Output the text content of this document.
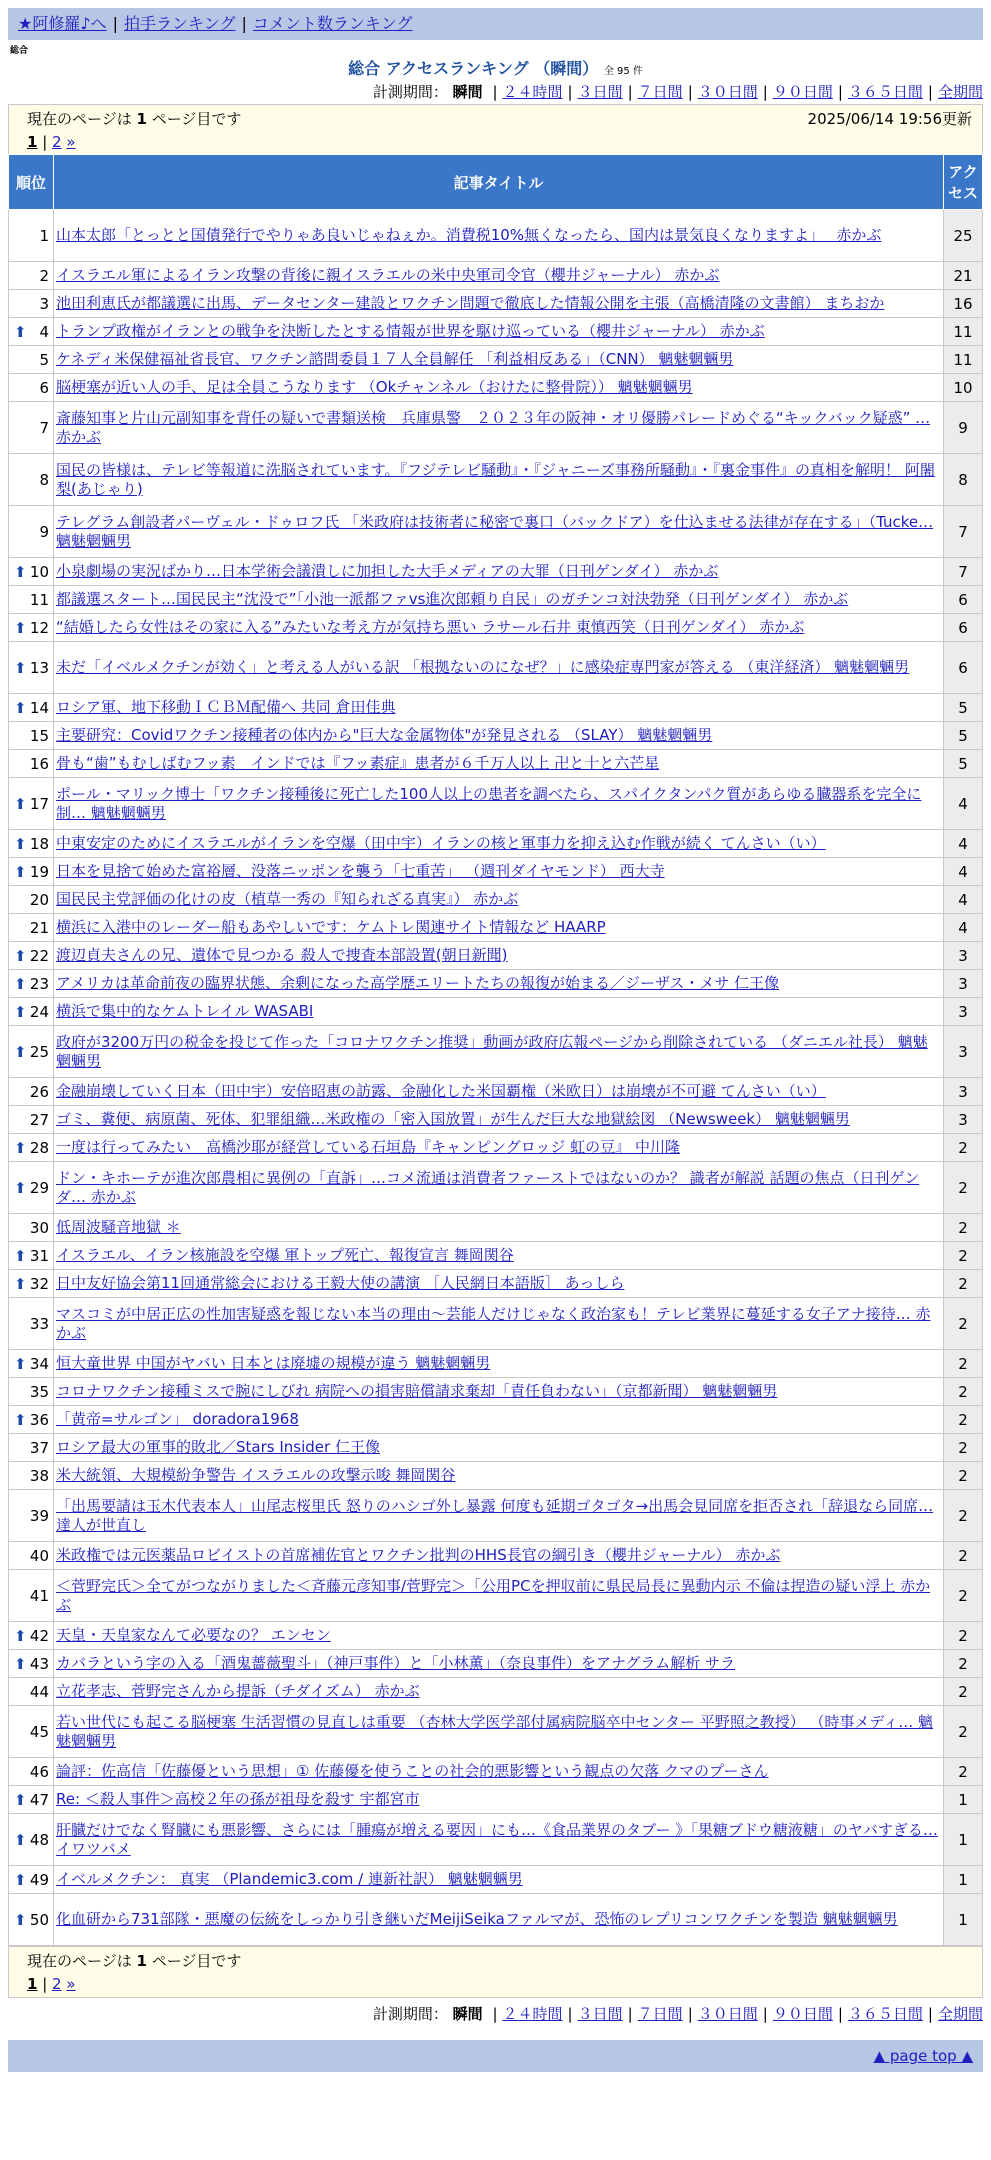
★阿修羅♪へ | 拍手ランキング | コメント数ランキング
総合
総合 アクセスランキング （瞬間） 全 95 件
計測期間： 瞬間 | ２４時間 | ３日間 | ７日間 | ３０日間 | ９０日間 | ３６５日間 | 全期間
現在のページは 1 ページ目です	2025/06/14 19:56更新
1 | 2 »
順位	記事タイトル	アクセス
1	山本太郎「とっとと国債発行でやりゃあ良いじゃねぇか。消費税10%無くなったら、国内は景気良くなりますよ」　 赤かぶ	25
2	イスラエル軍によるイラン攻撃の背後に親イスラエルの米中央軍司令官（櫻井ジャーナル） 赤かぶ	21
3	池田利恵氏が都議選に出馬、データセンター建設とワクチン問題で徹底した情報公開を主張（高橋清隆の文書館） まちおか	16

⬆ 4	トランプ政権がイランとの戦争を決断したとする情報が世界を駆け巡っている（櫻井ジャーナル） 赤かぶ	11
5	ケネディ米保健福祉省長官、ワクチン諮問委員１７人全員解任 「利益相反ある」（CNN） 魑魅魍魎男	11
6	脳梗塞が近い人の手、足は全員こうなります （Okチャンネル（おけたに整骨院）） 魑魅魍魎男	10
7	斎藤知事と片山元副知事を背任の疑いで書類送検　兵庫県警　２０２３年の阪神・オリ優勝パレードめぐる“キックバック疑惑” … 赤かぶ	9
8	国民の皆様は、テレビ等報道に洗脳されています。『フジテレビ騒動』・『ジャニーズ事務所騒動』・『裏金事件』の真相を解明！ 阿闍梨(あじゃり)	8
9	テレグラム創設者パーヴェル・ドゥロフ氏 「米政府は技術者に秘密で裏口（バックドア）を仕込ませる法律が存在する」（Tucke… 魑魅魍魎男	7

⬆ 10	小泉劇場の実況ばかり…日本学術会議潰しに加担した大手メディアの大罪（日刊ゲンダイ） 赤かぶ	7
11	都議選スタート…国民民主“沈没で”「小池一派都ファvs進次郎頼り自民」のガチンコ対決勃発（日刊ゲンダイ） 赤かぶ	6

⬆ 12	“結婚したら女性はその家に入る”みたいな考え方が気持ち悪い ラサール石井 東慎西笑（日刊ゲンダイ） 赤かぶ	6

⬆ 13	未だ「イベルメクチンが効く」と考える人がいる訳 「根拠ないのになぜ？」に感染症専門家が答える （東洋経済） 魑魅魍魎男	6

⬆ 14	ロシア軍、地下移動ＩＣＢＭ配備へ 共同 倉田佳典	5
15	主要研究：Covidワクチン接種者の体内から"巨大な金属物体"が発見される （SLAY） 魑魅魍魎男	5
16	骨も“歯”もむしばむフッ素　インドでは『フッ素症』患者が６千万人以上 卍と十と六芒星	5

⬆ 17	ポール・マリック博士「ワクチン接種後に死亡した100人以上の患者を調べたら、スパイクタンパク質があらゆる臓器系を完全に制… 魑魅魍魎男	4

⬆ 18	中東安定のためにイスラエルがイランを空爆（田中宇）イランの核と軍事力を抑え込む作戦が続く てんさい（い）	4

⬆ 19	日本を見捨て始めた富裕層、没落ニッポンを襲う「七重苦」 （週刊ダイヤモンド） 西大寺	4
20	国民民主党評価の化けの皮（植草一秀の『知られざる真実』） 赤かぶ	4
21	横浜に入港中のレーダー船もあやしいです：ケムトレ関連サイト情報など HAARP	4

⬆ 22	渡辺貞夫さんの兄、遺体で見つかる 殺人で捜査本部設置(朝日新聞)	3

⬆ 23	アメリカは革命前夜の臨界状態、余剰になった高学歴エリートたちの報復が始まる／ジーザス・メサ 仁王像	3

⬆ 24	横浜で集中的なケムトレイル WASABI	3

⬆ 25	政府が3200万円の税金を投じて作った「コロナワクチン推奨」動画が政府広報ページから削除されている （ダニエル社長） 魑魅魍魎男	3
26	金融崩壊していく日本（田中宇）安倍昭恵の訪露、金融化した米国覇権（米欧日）は崩壊が不可避 てんさい（い）	3
27	ゴミ、糞便、病原菌、死体、犯罪組織…米政権の「密入国放置」が生んだ巨大な地獄絵図 （Newsweek） 魑魅魍魎男	3

⬆ 28	一度は行ってみたい　高橋沙耶が経営している石垣島『キャンピングロッジ 虹の豆』 中川隆	2

⬆ 29	ドン・キホーテが進次郎農相に異例の「直訴」…コメ流通は消費者ファーストではないのか？ 識者が解説 話題の焦点（日刊ゲンダ… 赤かぶ	2
30	低周波騒音地獄 ＊	2

⬆ 31	イスラエル、イラン核施設を空爆 軍トップ死亡、報復宣言 舞岡関谷	2

⬆ 32	日中友好協会第11回通常総会における王毅大使の講演 ［人民網日本語版］ あっしら	2
33	マスコミが中居正広の性加害疑惑を報じない本当の理由〜芸能人だけじゃなく政治家も！テレビ業界に蔓延する女子アナ接待… 赤かぶ	2

⬆ 34	恒大童世界 中国がヤバい 日本とは廃墟の規模が違う 魑魅魍魎男	2
35	コロナワクチン接種ミスで腕にしびれ 病院への損害賠償請求棄却「責任負わない」（京都新聞） 魑魅魍魎男	2

⬆ 36	「黄帝=サルゴン」 doradora1968	2
37	ロシア最大の軍事的敗北／Stars Insider 仁王像	2
38	米大統領、大規模紛争警告 イスラエルの攻撃示唆 舞岡関谷	2
39	「出馬要請は玉木代表本人」山尾志桜里氏 怒りのハシゴ外し暴露 何度も延期ゴタゴタ→出馬会見同席を拒否され「辞退なら同席… 達人が世直し	2
40	米政権では元医薬品ロビイストの首席補佐官とワクチン批判のHHS長官の綱引き（櫻井ジャーナル） 赤かぶ	2
41	＜菅野完氏＞全てがつながりました＜斉藤元彦知事/菅野完＞「公用PCを押収前に県民局長に異動内示 不倫は捏造の疑い浮上 赤かぶ	2

⬆ 42	天皇・天皇家なんて必要なの？ エンセン	2

⬆ 43	カバラという字の入る「酒鬼薔薇聖斗」（神戸事件）と「小林薫」（奈良事件）をアナグラム解析 サラ	2
44	立花孝志、菅野完さんから提訴（チダイズム） 赤かぶ	2
45	若い世代にも起こる脳梗塞 生活習慣の見直しは重要 （杏林大学医学部付属病院脳卒中センター 平野照之教授） （時事メディ… 魑魅魍魎男	2
46	論評：佐高信「佐藤優という思想」① 佐藤優を使うことの社会的悪影響という観点の欠落 クマのプーさん	2

⬆ 47	Re: ＜殺人事件＞高校２年の孫が祖母を殺す 宇都宮市	1

⬆ 48	肝臓だけでなく腎臓にも悪影響、さらには「腫瘍が増える要因」にも…《食品業界のタブー 》「果糖ブドウ糖液糖」のヤバすぎる… イワツバメ	1

⬆ 49	イベルメクチン： 真実 （Plandemic3.com / 連新社訳） 魑魅魍魎男	1

⬆ 50	化血研から731部隊・悪魔の伝統をしっかり引き継いだMeijiSeikaファルマが、恐怖のレプリコンワクチンを製造 魑魅魍魎男	1
現在のページは 1 ページ目です
1 | 2 »
計測期間： 瞬間 | ２４時間 | ３日間 | ７日間 | ３０日間 | ９０日間 | ３６５日間 | 全期間
▲ page top ▲
